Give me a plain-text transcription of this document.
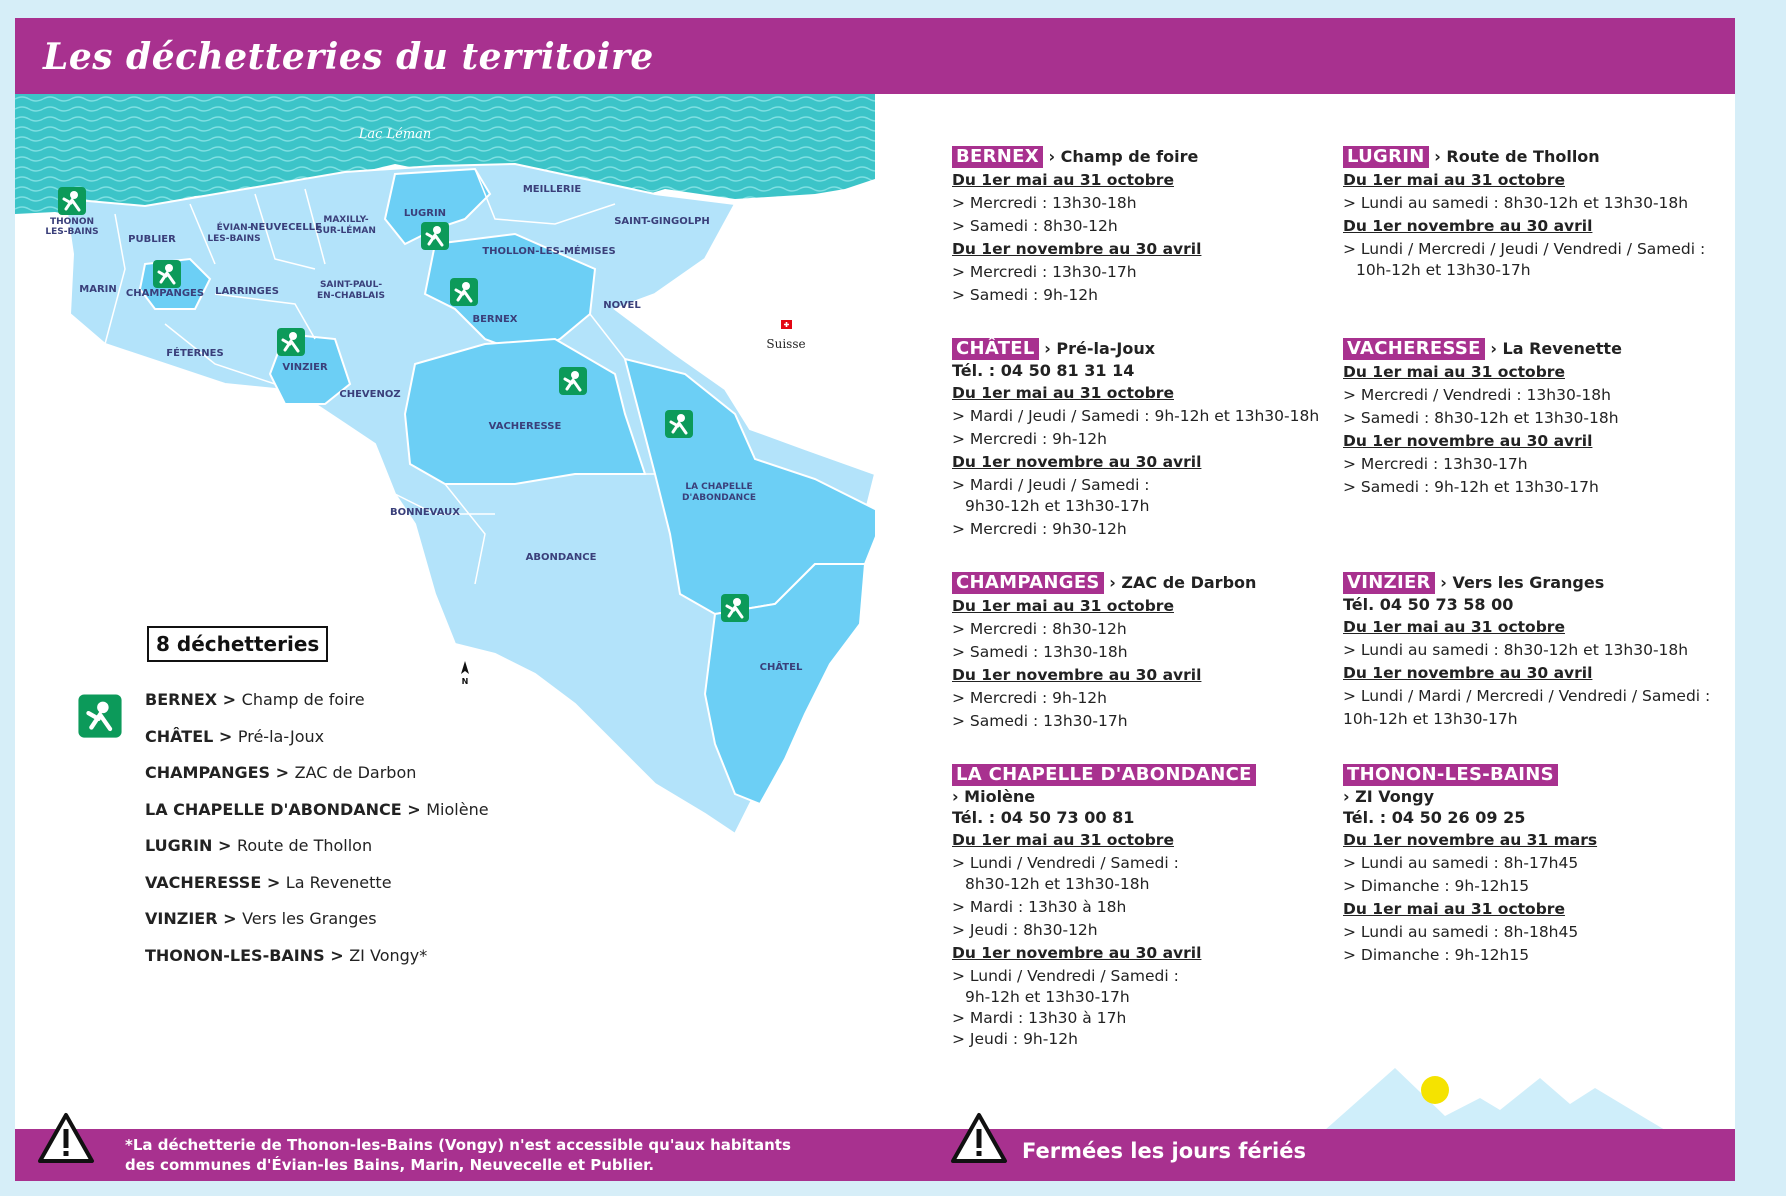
Les déchetteries du territoire
Lac Léman
THONON
LES-BAINS
PUBLIER
ÉVIAN-
LES-BAINS
NEUVECELLE
MAXILLY-
SUR-LÉMAN
LUGRIN
MEILLERIE
SAINT-GINGOLPH
THOLLON-LES-MÉMISES
MARIN CHAMPANGES LARRINGES
SAINT-PAUL-
EN-CHABLAIS
BERNEX
NOVEL
FÉTERNES
VINZIER
CHEVENOZ
VACHERESSE
LA CHAPELLE
D'ABONDANCE
BONNEVAUX
ABONDANCE
CHÂTEL
Suisse
N
8 déchetteries
BERNEX > Champ de foire
CHÂTEL > Pré-la-Joux
CHAMPANGES > ZAC de Darbon
LA CHAPELLE D'ABONDANCE > Miolène
LUGRIN > Route de Thollon
VACHERESSE > La Revenette
VINZIER > Vers les Granges
THONON-LES-BAINS > ZI Vongy*
BERNEX › Champ de foire
Du 1er mai au 31 octobre
> Mercredi : 13h30-18h
> Samedi : 8h30-12h
Du 1er novembre au 30 avril
> Mercredi : 13h30-17h
> Samedi : 9h-12h
CHÂTEL › Pré-la-Joux
Tél. : 04 50 81 31 14
Du 1er mai au 31 octobre
> Mardi / Jeudi / Samedi : 9h-12h et 13h30-18h
> Mercredi : 9h-12h
Du 1er novembre au 30 avril
> Mardi / Jeudi / Samedi :
9h30-12h et 13h30-17h
> Mercredi : 9h30-12h
CHAMPANGES › ZAC de Darbon
Du 1er mai au 31 octobre
> Mercredi : 8h30-12h
> Samedi : 13h30-18h
Du 1er novembre au 30 avril
> Mercredi : 9h-12h
> Samedi : 13h30-17h
LA CHAPELLE D'ABONDANCE
› Miolène
Tél. : 04 50 73 00 81
Du 1er mai au 31 octobre
> Lundi / Vendredi / Samedi :
8h30-12h et 13h30-18h
> Mardi : 13h30 à 18h
> Jeudi : 8h30-12h
Du 1er novembre au 30 avril
> Lundi / Vendredi / Samedi :
9h-12h et 13h30-17h
> Mardi : 13h30 à 17h
> Jeudi : 9h-12h
LUGRIN › Route de Thollon
Du 1er mai au 31 octobre
> Lundi au samedi : 8h30-12h et 13h30-18h
Du 1er novembre au 30 avril
> Lundi / Mercredi / Jeudi / Vendredi / Samedi :
10h-12h et 13h30-17h
VACHERESSE › La Revenette
Du 1er mai au 31 octobre
> Mercredi / Vendredi : 13h30-18h
> Samedi : 8h30-12h et 13h30-18h
Du 1er novembre au 30 avril
> Mercredi : 13h30-17h
> Samedi : 9h-12h et 13h30-17h
VINZIER › Vers les Granges
Tél. 04 50 73 58 00
Du 1er mai au 31 octobre
> Lundi au samedi : 8h30-12h et 13h30-18h
Du 1er novembre au 30 avril
> Lundi / Mardi / Mercredi / Vendredi / Samedi :
10h-12h et 13h30-17h
THONON-LES-BAINS
› ZI Vongy
Tél. : 04 50 26 09 25
Du 1er novembre au 31 mars
> Lundi au samedi : 8h-17h45
> Dimanche : 9h-12h15
Du 1er mai au 31 octobre
> Lundi au samedi : 8h-18h45
> Dimanche : 9h-12h15
*La déchetterie de Thonon-les-Bains (Vongy) n'est accessible qu'aux habitants
des communes d'Évian-les Bains, Marin, Neuvecelle et Publier.
Fermées les jours fériés
